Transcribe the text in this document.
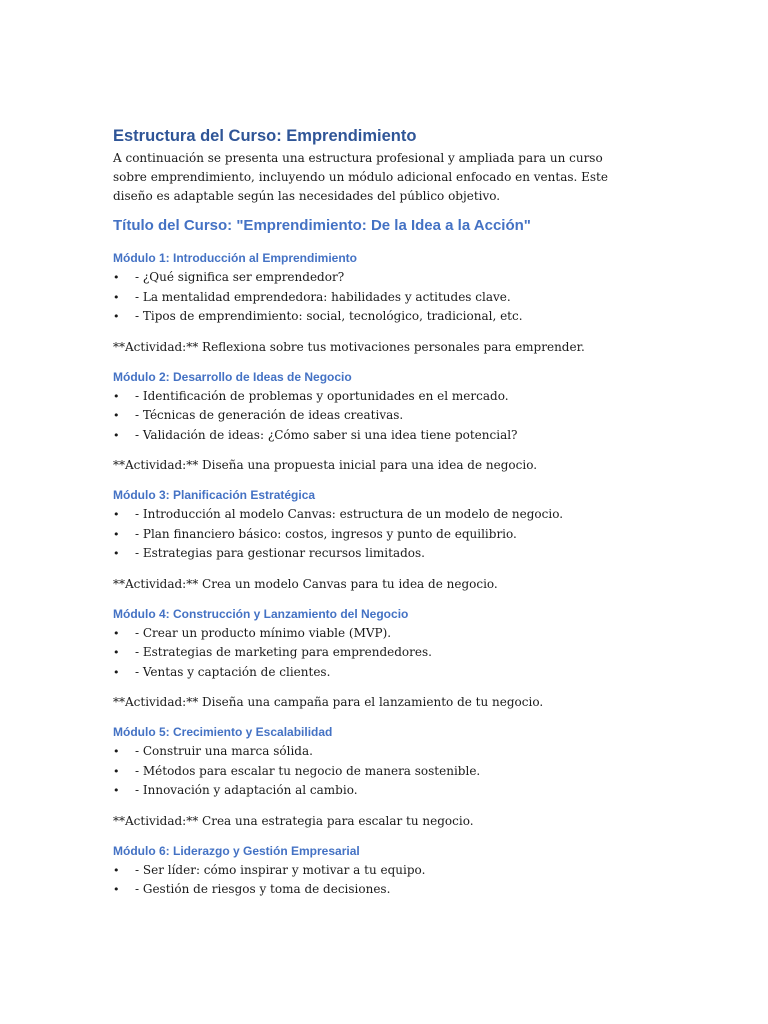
Estructura del Curso: Emprendimiento

A continuación se presenta una estructura profesional y ampliada para un curso sobre emprendimiento, incluyendo un módulo adicional enfocado en ventas. Este diseño es adaptable según las necesidades del público objetivo.

Título del Curso: "Emprendimiento: De la Idea a la Acción"
Módulo 1: Introducción al Emprendimiento
• - ¿Qué significa ser emprendedor?
• - La mentalidad emprendedora: habilidades y actitudes clave.
• - Tipos de emprendimiento: social, tecnológico, tradicional, etc.

**Actividad:** Reflexiona sobre tus motivaciones personales para emprender.

Módulo 2: Desarrollo de Ideas de Negocio
• - Identificación de problemas y oportunidades en el mercado.
• - Técnicas de generación de ideas creativas.
• - Validación de ideas: ¿Cómo saber si una idea tiene potencial?

**Actividad:** Diseña una propuesta inicial para una idea de negocio.

Módulo 3: Planificación Estratégica
• - Introducción al modelo Canvas: estructura de un modelo de negocio.
• - Plan financiero básico: costos, ingresos y punto de equilibrio.
• - Estrategias para gestionar recursos limitados.

**Actividad:** Crea un modelo Canvas para tu idea de negocio.

Módulo 4: Construcción y Lanzamiento del Negocio
• - Crear un producto mínimo viable (MVP).
• - Estrategias de marketing para emprendedores.
• - Ventas y captación de clientes.

**Actividad:** Diseña una campaña para el lanzamiento de tu negocio.

Módulo 5: Crecimiento y Escalabilidad
• - Construir una marca sólida.
• - Métodos para escalar tu negocio de manera sostenible.
• - Innovación y adaptación al cambio.

**Actividad:** Crea una estrategia para escalar tu negocio.

Módulo 6: Liderazgo y Gestión Empresarial
• - Ser líder: cómo inspirar y motivar a tu equipo.
• - Gestión de riesgos y toma de decisiones.
